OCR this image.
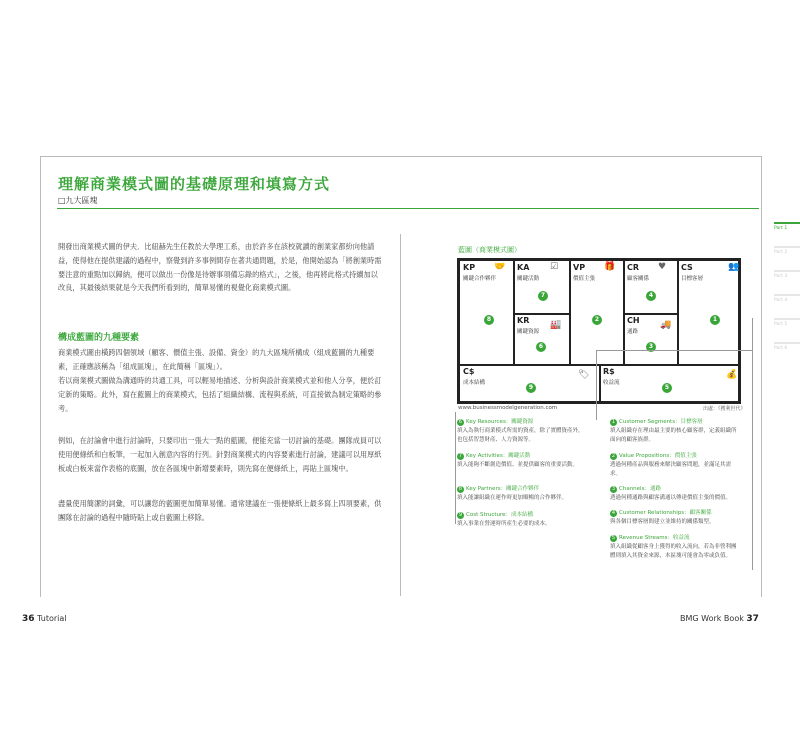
理解商業模式圖的基礎原理和填寫方式
□九大區塊
開發出商業模式圖的伊夫．比紐赫先生任教於大學理工系，由於許多在該校就讀的創業家都紛向他請益，使得他在提供建議的過程中，察覺到許多事例間存在著共通問題，於是，他開始認為「將創業時需要注意的重點加以歸納，便可以做出一份像是待辦事項備忘錄的格式」，之後，他再將此格式持續加以改良，其最後結果就是今天我們所看到的，簡單易懂的視覺化商業模式圖。
構成藍圖的九種要素
商業模式圖由橫跨四個領域（顧客、價值主張、設備、資金）的九大區塊所構成（組成藍圖的九種要素，正確應該稱為「組成區塊」，在此簡稱「區塊」）。
若以商業模式圖做為溝通時的共通工具，可以輕易地描述、分析與設計商業模式並和他人分享，便於訂定新的策略。此外，寫在藍圖上的商業模式，包括了組織結構、流程與系統，可直接做為制定策略的參考。
例如，在討論會中進行討論時，只要印出一張大一點的藍圖，便能充當一切討論的基礎。團隊成員可以使用便條紙和白板筆，一起加入創意內容的行列。針對商業模式的內容要素進行討論，建議可以用厚紙板或白板來當作表格的底圖，放在各區塊中新增要素時，則先寫在便條紙上，再貼上區塊中。
盡量使用簡潔的詞彙，可以讓您的藍圖更加簡單易懂。通常建議在一張便條紙上最多寫上四項要素，供團隊在討論的過程中隨時貼上或自藍圖上移除。
藍圖（商業模式圖）
KP
關鍵合作夥伴
8
KA
關鍵活動
7
VP
價值主張
2
CR
顧客關係
4
CS
目標客層
1
KR
關鍵資源
6
CH
通路
3
C$
成本結構
9
R$
收益流
5
🤝	☑	🎁	♥	👥
🏭	🚚
🏷	💰
www.businessmodelgeneration.com	出處：《獲利世代》
6 Key Resources：關鍵資源
填入為執行商業模式所需的資產，除了實體資產外，也包括智慧財產、人力資源等。
7 Key Activities：關鍵活動
填入能夠不斷創造價值、並提供顧客的重要活動。
8 Key Partners：關鍵合作夥伴
填入能讓組織在運作時更加順暢的合作夥伴。
9 Cost Structure：成本結構
填入事業在營運時所產生必要的成本。
1 Customer Segments：目標客層
填入組織存在理由最主要的核心顧客群，定義組織所面向的顧客族群。
2 Value Propositions：價值主張
透過何種產品與服務來解決顧客問題，並滿足其需求。
3 Channels：通路
透過何種通路與顧客溝通以傳達價值主張的價值。
4 Customer Relationships：顧客關係
與各個目標客層間建立並維持的關係類型。
5 Revenue Streams：收益流
填入組織從顧客身上獲得的收入流向，若為非營利團體則填入其資金來源，本區塊可能會為零或負值。
Part 1
Part 2
Part 3
Part 4
Part 5
Part 6
36 Tutorial	BMG Work Book 37
